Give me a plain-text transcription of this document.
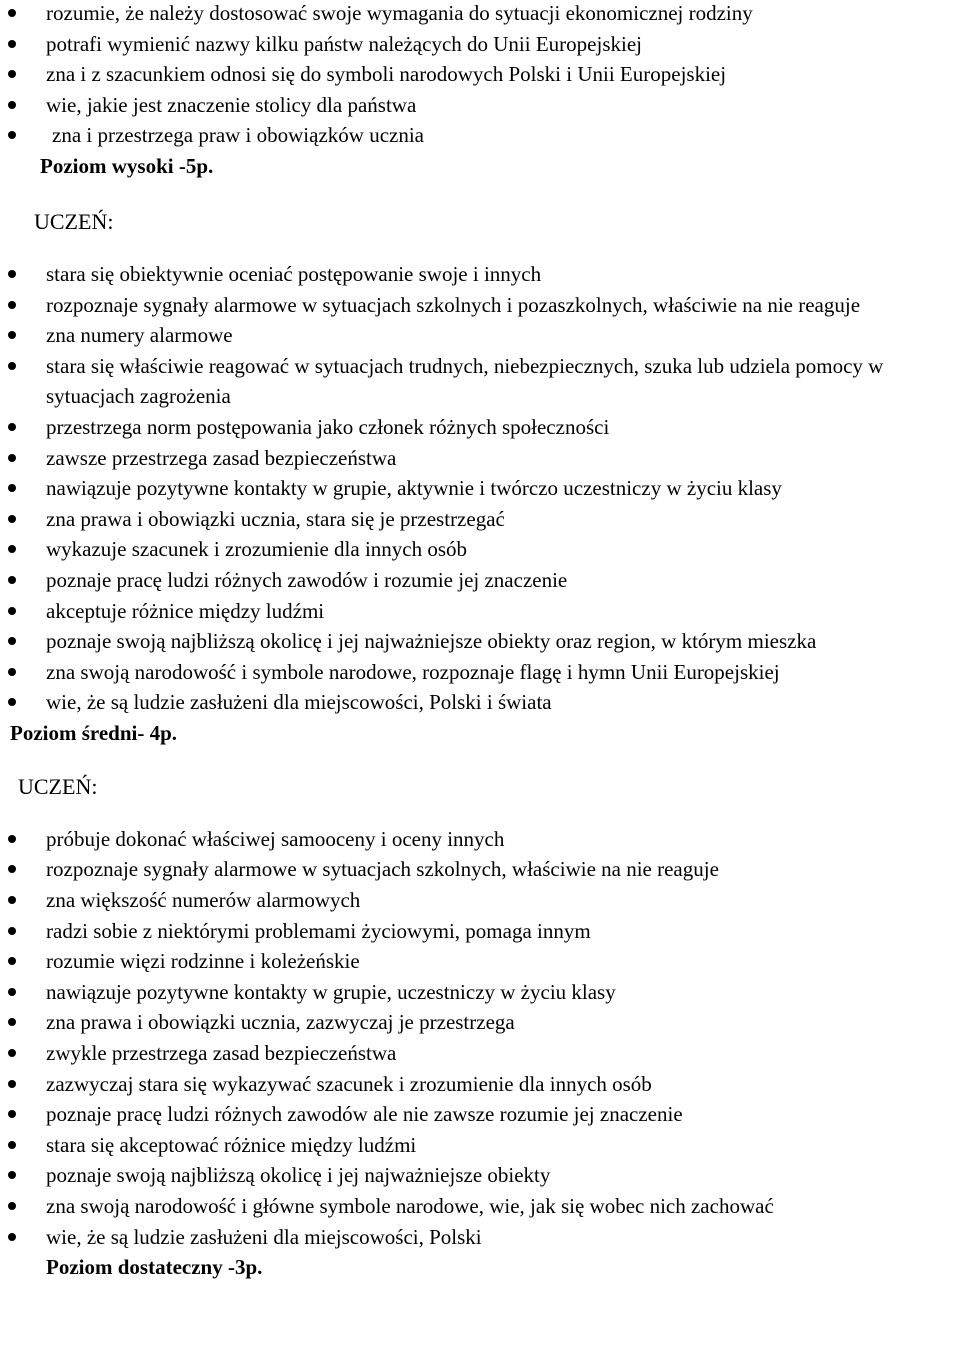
rozumie, że należy dostosować swoje wymagania do sytuacji ekonomicznej rodziny
potrafi wymienić nazwy kilku państw należących do Unii Europejskiej
zna i z szacunkiem odnosi się do symboli narodowych Polski i Unii Europejskiej
wie, jakie jest znaczenie stolicy dla państwa
zna i przestrzega praw i obowiązków ucznia
Poziom wysoki -5p.
UCZEŃ:
stara się obiektywnie oceniać postępowanie swoje i innych
rozpoznaje sygnały alarmowe w sytuacjach szkolnych i pozaszkolnych, właściwie na nie reaguje
zna numery alarmowe
stara się właściwie reagować w sytuacjach trudnych, niebezpiecznych, szuka lub udziela pomocy w sytuacjach zagrożenia
przestrzega norm postępowania jako członek różnych społeczności
zawsze przestrzega zasad bezpieczeństwa
nawiązuje pozytywne kontakty w grupie, aktywnie i twórczo uczestniczy w życiu klasy
zna prawa i obowiązki ucznia, stara się je przestrzegać
wykazuje szacunek i zrozumienie dla innych osób
poznaje pracę ludzi różnych zawodów i rozumie jej znaczenie
akceptuje różnice między ludźmi
poznaje swoją najbliższą okolicę i jej najważniejsze obiekty oraz region, w którym mieszka
zna swoją narodowość i symbole narodowe, rozpoznaje flagę i hymn Unii Europejskiej
wie, że są ludzie zasłużeni dla miejscowości, Polski i świata
Poziom średni- 4p.
UCZEŃ:
próbuje dokonać właściwej samooceny i oceny innych
rozpoznaje sygnały alarmowe w sytuacjach szkolnych, właściwie na nie reaguje
zna większość numerów alarmowych
radzi sobie z niektórymi problemami życiowymi, pomaga innym
rozumie więzi rodzinne i koleżeńskie
nawiązuje pozytywne kontakty w grupie, uczestniczy w życiu klasy
zna prawa i obowiązki ucznia, zazwyczaj je przestrzega
zwykle przestrzega zasad bezpieczeństwa
zazwyczaj stara się wykazywać szacunek i zrozumienie dla innych osób
poznaje pracę ludzi różnych zawodów ale nie zawsze rozumie jej znaczenie
stara się akceptować różnice między ludźmi
poznaje swoją najbliższą okolicę i jej najważniejsze obiekty
zna swoją narodowość i główne symbole narodowe, wie, jak się wobec nich zachować
wie, że są ludzie zasłużeni dla miejscowości, Polski
Poziom dostateczny -3p.
